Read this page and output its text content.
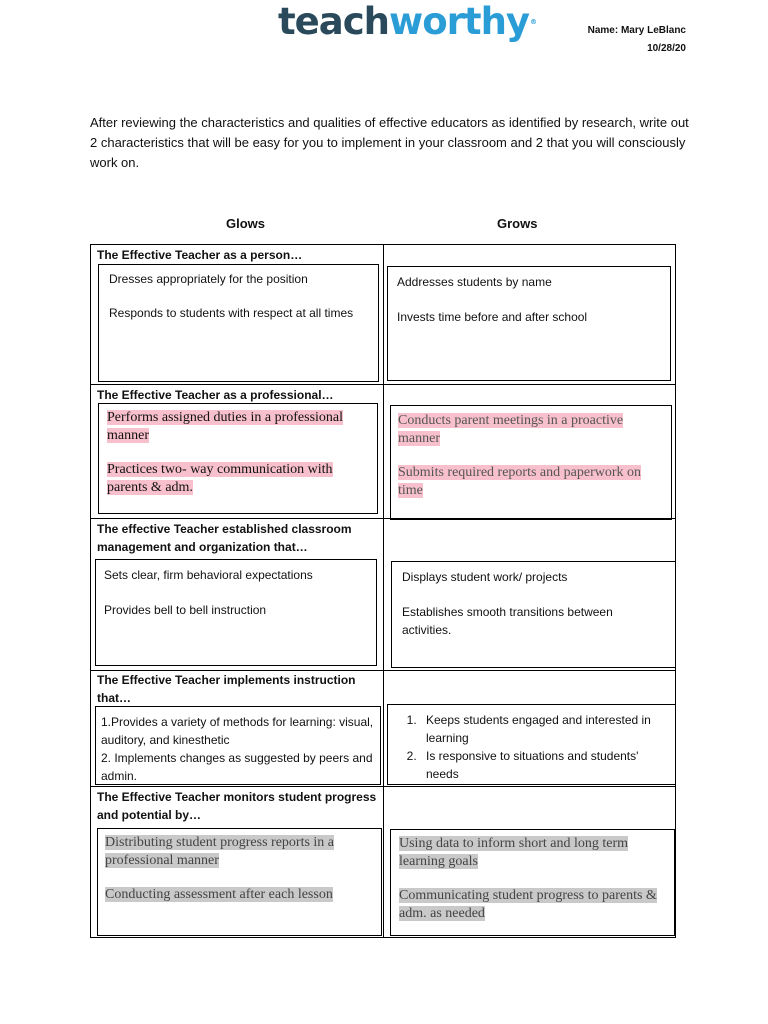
teachworthy®
Name: Mary LeBlanc
10/28/20
After reviewing the characteristics and qualities of effective educators as identified by research, write out 2 characteristics that will be easy for you to implement in your classroom and 2 that you will consciously work on.
Glows	Grows
The Effective Teacher as a person…

Dresses appropriately for the position

Responds to students with respect at all times

Addresses students by name

Invests time before and after school

The Effective Teacher as a professional…

Performs assigned duties in a professional manner

Practices two- way communication with parents & adm.

Conducts parent meetings in a proactive manner

Submits required reports and paperwork on time

The effective Teacher established classroom management and organization that…

Sets clear, firm behavioral expectations

Provides bell to bell instruction

Displays student work/ projects

Establishes smooth transitions between activities.

The Effective Teacher implements instruction that…

1.Provides a variety of methods for learning: visual, auditory, and kinesthetic

2. Implements changes as suggested by peers and admin.

1. Keeps students engaged and interested in learning
2. Is responsive to situations and students' needs
The Effective Teacher monitors student progress and potential by…

Distributing student progress reports in a professional manner

Conducting assessment after each lesson

Using data to inform short and long term learning goals

Communicating student progress to parents & adm. as needed
